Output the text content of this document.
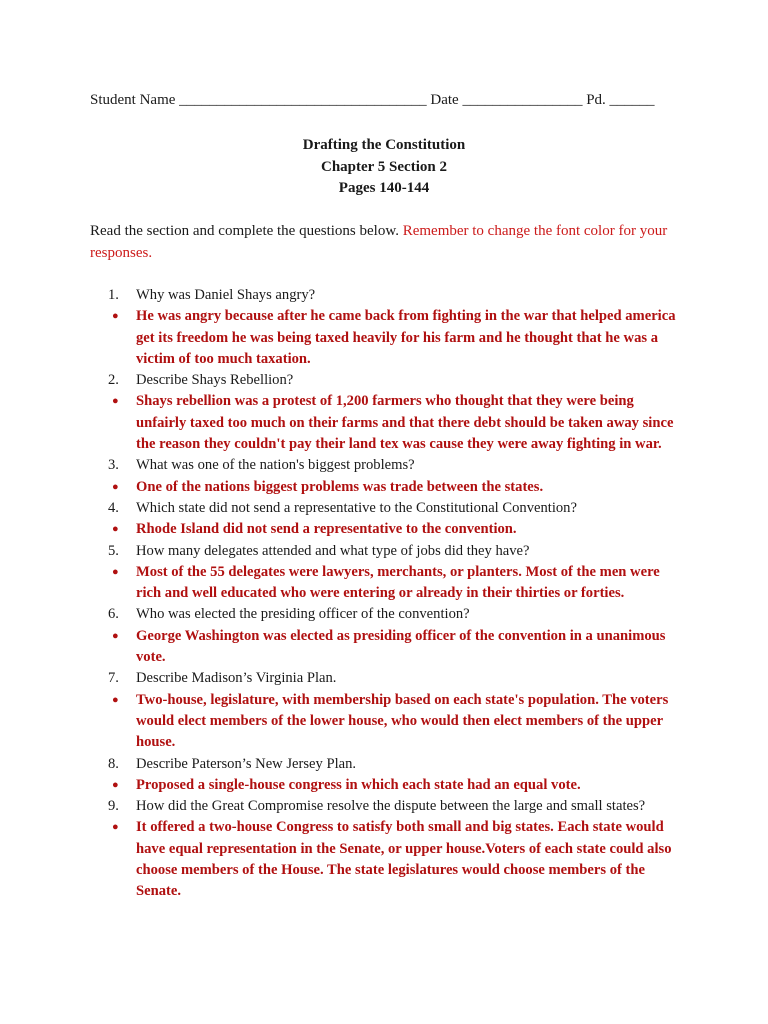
Student Name _________________________________ Date ________________ Pd. ______
Drafting the Constitution
Chapter 5 Section 2
Pages 140-144
Read the section and complete the questions below. Remember to change the font color for your responses.
1.	Why was Daniel Shays angry?
●	He was angry because after he came back from fighting in the war that helped america get its freedom he was being taxed heavily for his farm and he thought that he was a victim of too much taxation.
2.	Describe Shays Rebellion?
●	Shays rebellion was a protest of 1,200 farmers who thought that they were being unfairly taxed too much on their farms and that there debt should be taken away since the reason they couldn't pay their land tex was cause they were away fighting in war.
3.	What was one of the nation's biggest problems?
●	One of the nations biggest problems was trade between the states.
4.	Which state did not send a representative to the Constitutional Convention?
●	Rhode Island did not send a representative to the convention.
5.	How many delegates attended and what type of jobs did they have?
●	Most of the 55 delegates were lawyers, merchants, or planters. Most of the men were rich and well educated who were entering or already in their thirties or forties.
6.	Who was elected the presiding officer of the convention?
●	George Washington was elected as presiding officer of the convention in a unanimous vote.
7.	Describe Madison’s Virginia Plan.
●	Two-house, legislature, with membership based on each state's population. The voters would elect members of the lower house, who would then elect members of the upper house.
8.	Describe Paterson’s New Jersey Plan.
●	Proposed a single-house congress in which each state had an equal vote.
9.	How did the Great Compromise resolve the dispute between the large and small states?
●	It offered a two-house Congress to satisfy both small and big states. Each state would have equal representation in the Senate, or upper house.Voters of each state could also choose members of the House. The state legislatures would choose members of the Senate.
